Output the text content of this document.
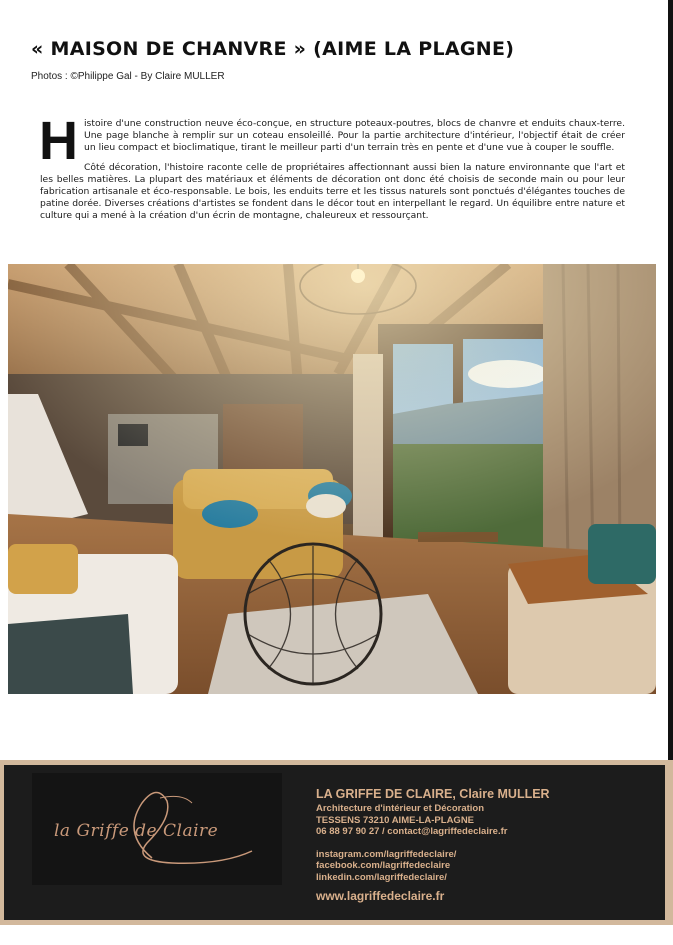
« MAISON DE CHANVRE » (AIME LA PLAGNE)
Photos : ©Philippe Gal - By Claire MULLER

Histoire d'une construction neuve éco-conçue, en structure poteaux-poutres, blocs de chanvre et enduits chaux-terre. Une page blanche à remplir sur un coteau ensoleillé. Pour la partie architecture d'intérieur, l'objectif était de créer un lieu compact et bioclimatique, tirant le meilleur parti d'un terrain très en pente et d'une vue à couper le souffle.

Côté décoration, l'histoire raconte celle de propriétaires affectionnant aussi bien la nature environnante que l'art et les belles matières. La plupart des matériaux et éléments de décoration ont donc été choisis de seconde main ou pour leur fabrication artisanale et éco-responsable. Le bois, les enduits terre et les tissus naturels sont ponctués d'élégantes touches de patine dorée. Diverses créations d'artistes se fondent dans le décor tout en interpellant le regard. Un équilibre entre nature et culture qui a mené à la création d'un écrin de montagne, chaleureux et ressourçant.

la Griffe de Claire
LA GRIFFE DE CLAIRE, Claire MULLER
Architecture d'intérieur et Décoration
TESSENS 73210 AIME-LA-PLAGNE
06 88 97 90 27 / contact@lagriffedeclaire.fr
instagram.com/lagriffedeclaire/
facebook.com/lagriffedeclaire
linkedin.com/lagriffedeclaire/
www.lagriffedeclaire.fr
